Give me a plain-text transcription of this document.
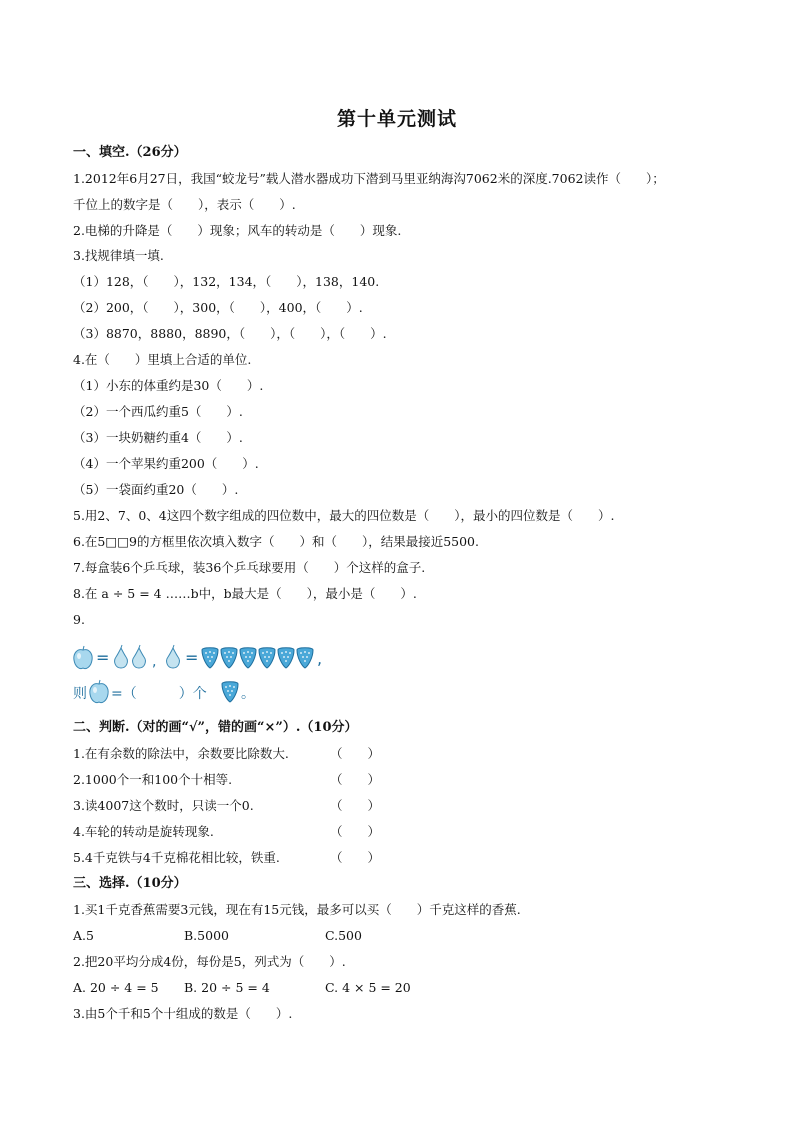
第十单元测试
一、填空.（26分）
1.2012年6月27日，我国“蛟龙号”载人潜水器成功下潜到马里亚纳海沟7062米的深度.7062读作（　　）；
千位上的数字是（　　），表示（　　）.
2.电梯的升降是（　　）现象；风车的转动是（　　）现象.
3.找规律填一填.
（1）128，（　　），132，134，（　　），138，140.
（2）200，（　　），300，（　　），400，（　　）.
（3）8870，8880，8890，（　　），（　　），（　　）.
4.在（　　）里填上合适的单位.
（1）小东的体重约是30（　　）.
（2）一个西瓜约重5（　　）.
（3）一块奶糖约重4（　　）.
（4）一个苹果约重200（　　）.
（5）一袋面约重20（　　）.
5.用2、7、0、4这四个数字组成的四位数中，最大的四位数是（　　），最小的四位数是（　　）.
6.在5□□9的方框里依次填入数字（　　）和（　　），结果最接近5500.
7.每盒装6个乒乓球，装36个乒乓球要用（　　）个这样的盒子.
8.在 a ÷ 5 = 4 ……b中，b最大是（　　），最小是（　　）.
9.
=	, =	,
则 =（　　　）个 。
二、判断.（对的画“√”，错的画“×”）.（10分）
1.在有余数的除法中，余数要比除数大.	（　　）
2.1000个一和100个十相等.	（　　）
3.读4007这个数时，只读一个0.	（　　）
4.车轮的转动是旋转现象.	（　　）
5.4千克铁与4千克棉花相比较，铁重.	（　　）
三、选择.（10分）
1.买1千克香蕉需要3元钱，现在有15元钱，最多可以买（　　）千克这样的香蕉.
A.5	B.5000	C.500
2.把20平均分成4份，每份是5，列式为（　　）.
A. 20 ÷ 4 = 5 B. 20 ÷ 5 = 4	C. 4 × 5 = 20
3.由5个千和5个十组成的数是（　　）.
